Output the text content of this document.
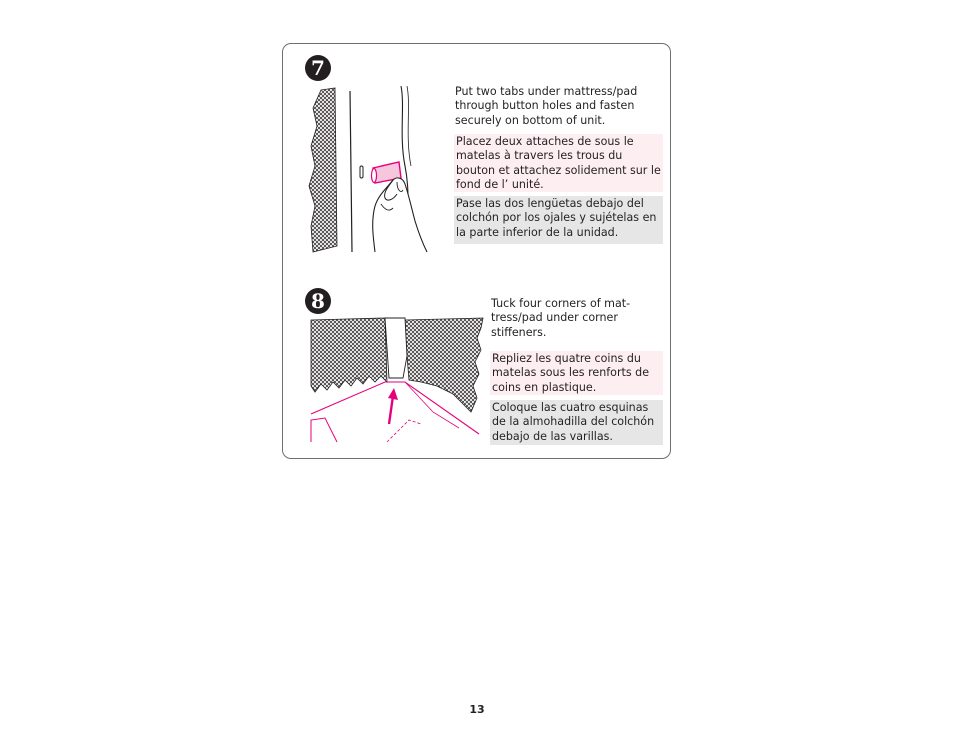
7

Put two tabs under mattress/pad through button holes and fasten securely on bottom of unit.

Placez deux attaches de sous le matelas à travers les trous du bouton et attachez solidement sur le fond de l’ unité.

Pase las dos lengüetas debajo del colchón por los ojales y sujételas en la parte inferior de la unidad.

8	Tuck four corners of mat-tress/pad under corner stiffeners.

Repliez les quatre coins du matelas sous les renforts de coins en plastique.

Coloque las cuatro esquinas de la almohadilla del colchón debajo de las varillas.

13
